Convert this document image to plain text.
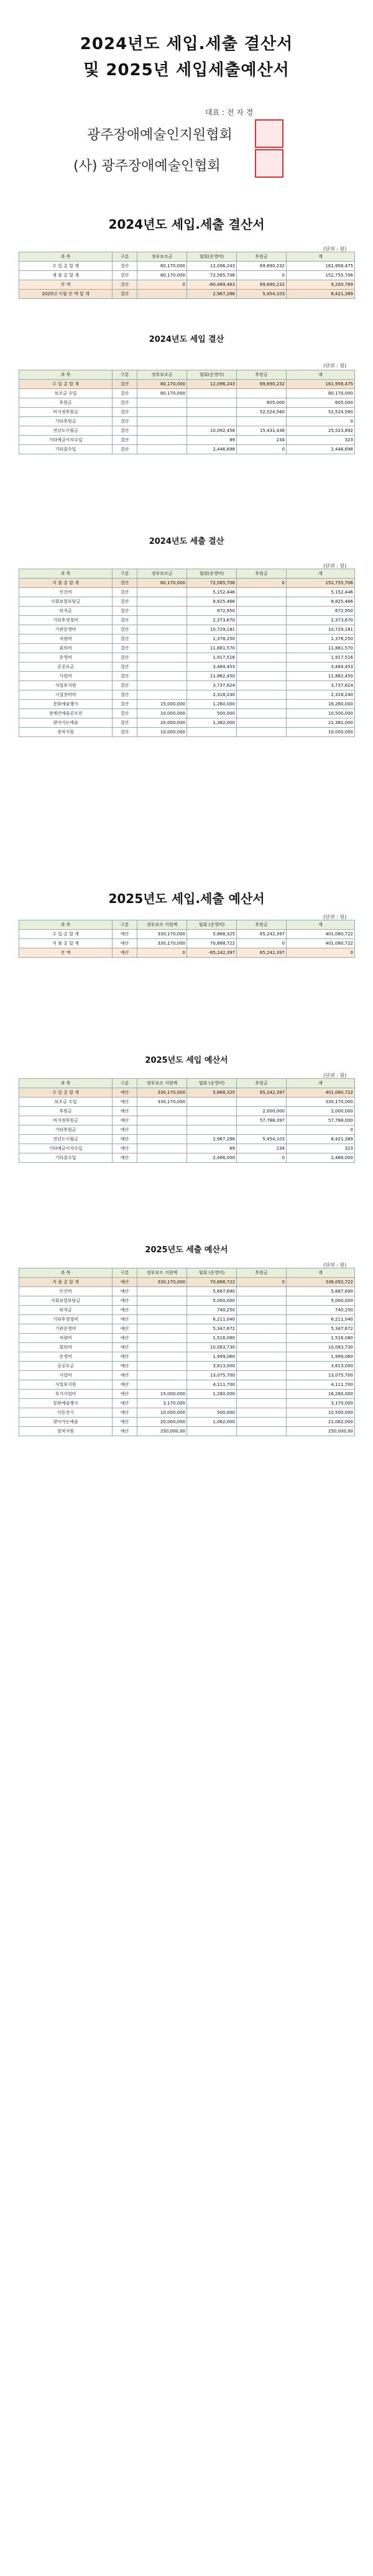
2024년도 세입.세출 결산서
및 2025년 세입세출예산서
대표 : 전 자 경
광주장애예술인지원협회
(사) 광주장애예술인협회
2024년도 세입.세출 결산서
(단위 : 원)
과 목	구분	정부보조금	협회(운영비)	후원금	계
수 입 총 합 계	결산	80,170,000	12,096,243	69,690,232	161,956,475
세 출 총 합 계	결산	80,170,000	72,585,706	0	152,755,706
잔 액	결산	0	-60,489,463	69,690,232	9,200,769
2025년 이월 잔 액 합 계	결산		2,967,286	5,454,103	8,421,389
2024년도 세입 결산
(단위 : 원)
과 목	구분	정부보조금	협회(운영비)	후원금	계
수 입 총 합 계	결산	80,170,000	12,096,243	69,690,232	161,956,475
보조금 수입	결산	80,170,000			80,170,000
후원금	결산			605,000	605,000
비지정후원금	결산			52,524,560	52,524,560
기타후원금	결산				0
전년도이월금	결산		10,092,456	15,431,436	25,523,892
기타예금이자수입	결산		89	234	323
기타잡수입	결산		2,446,698	0	2,446,698
2024년도 세출 결산
(단위 : 원)
과 목	구분	정부보조금	협회(운영비)	후원금	계
지 출 총 합 계	결산	80,170,000	72,585,706	0	152,755,706
인건비	결산		5,152,446		5,152,446
사회보험부담금	결산		8,825,466		8,825,466
퇴직금	결산		672,950		672,950
기타후생경비	결산		2,373,670		2,373,670
기관운영비	결산		10,729,181		10,729,181
차량비	결산		1,378,250		1,378,250
회의비	결산		11,881,570		11,881,570
운영비	결산		1,917,516		1,917,516
공공요금	결산		3,484,453		3,484,453
사업비	결산		11,862,450		11,862,450
사업부지원	결산		3,737,624		3,737,624
시설장비비	결산		2,318,240		2,318,240
문화예술행사	결산	15,000,000	1,260,000		16,260,000
장애인예술공모전	결산	10,000,000	500,000		10,500,000
찾아가는예술	결산	20,000,000	1,382,000		21,382,000
창작지원	결산	10,000,000			10,000,000
2025년도 세입.세출 예산서
(단위 : 원)
과 목	구분	정부보조 지원액	협회 (운영비)	후원금	계
수 입 총 합 계	예산	330,170,000	5,868,325	65,242,397	401,080,722
지 출 총 합 계	예산	330,170,000	70,888,722	0	401,080,722
잔 액	예산	0	-65,242,397	65,242,397	0
2025년도 세입 예산서
(단위 : 원)
과 목	구분	정부보조 지원액	협회 (운영비)	후원금	계
수 입 총 합 계	예산	330,170,000	5,868,325	65,242,397	401,080,722
보조금 수입	예산	330,170,000			330,170,000
후원금	예산			2,000,000	2,000,000
비지정후원금	예산			57,788,397	57,788,000
기타후원금	예산				0
전년도이월금	예산		2,967,286	5,454,103	8,421,389
기타예금이자수입	예산		89	234	323
기타잡수입	예산		2,466,000	0	2,466,000
2025년도 세출 예산서
(단위 : 원)
과 목	구분	정부보조 지원액	협회 (운영비)	후원금	계
지 출 총 합 계	예산	330,170,000	70,888,722	0	336,092,722
인건비	예산		5,687,690		5,687,690
사회보험부담금	예산		5,000,000		5,000,000
퇴직금	예산		740,250		740,250
기타후생경비	예산		6,211,040		6,211,040
기관운영비	예산		5,347,672		5,347,672
차량비	예산		1,516,080		1,516,080
회의비	예산		10,083,730		10,083,730
운영비	예산		1,999,060		1,999,060
공공요금	예산		3,613,000		3,613,000
사업비	예산		13,075,700		13,075,700
사업부지원	예산		4,111,700		4,111,700
부가사업비	예산	15,000,000	1,280,000		16,280,000
문화예술행사	예산	3,170,000			3,170,000
이동전시	예산	10,000,000	500,000		10,500,000
찾아가는예술	예산	20,000,000	1,062,000		21,062,000
창작지원	예산	250,000,00			250,000,00
